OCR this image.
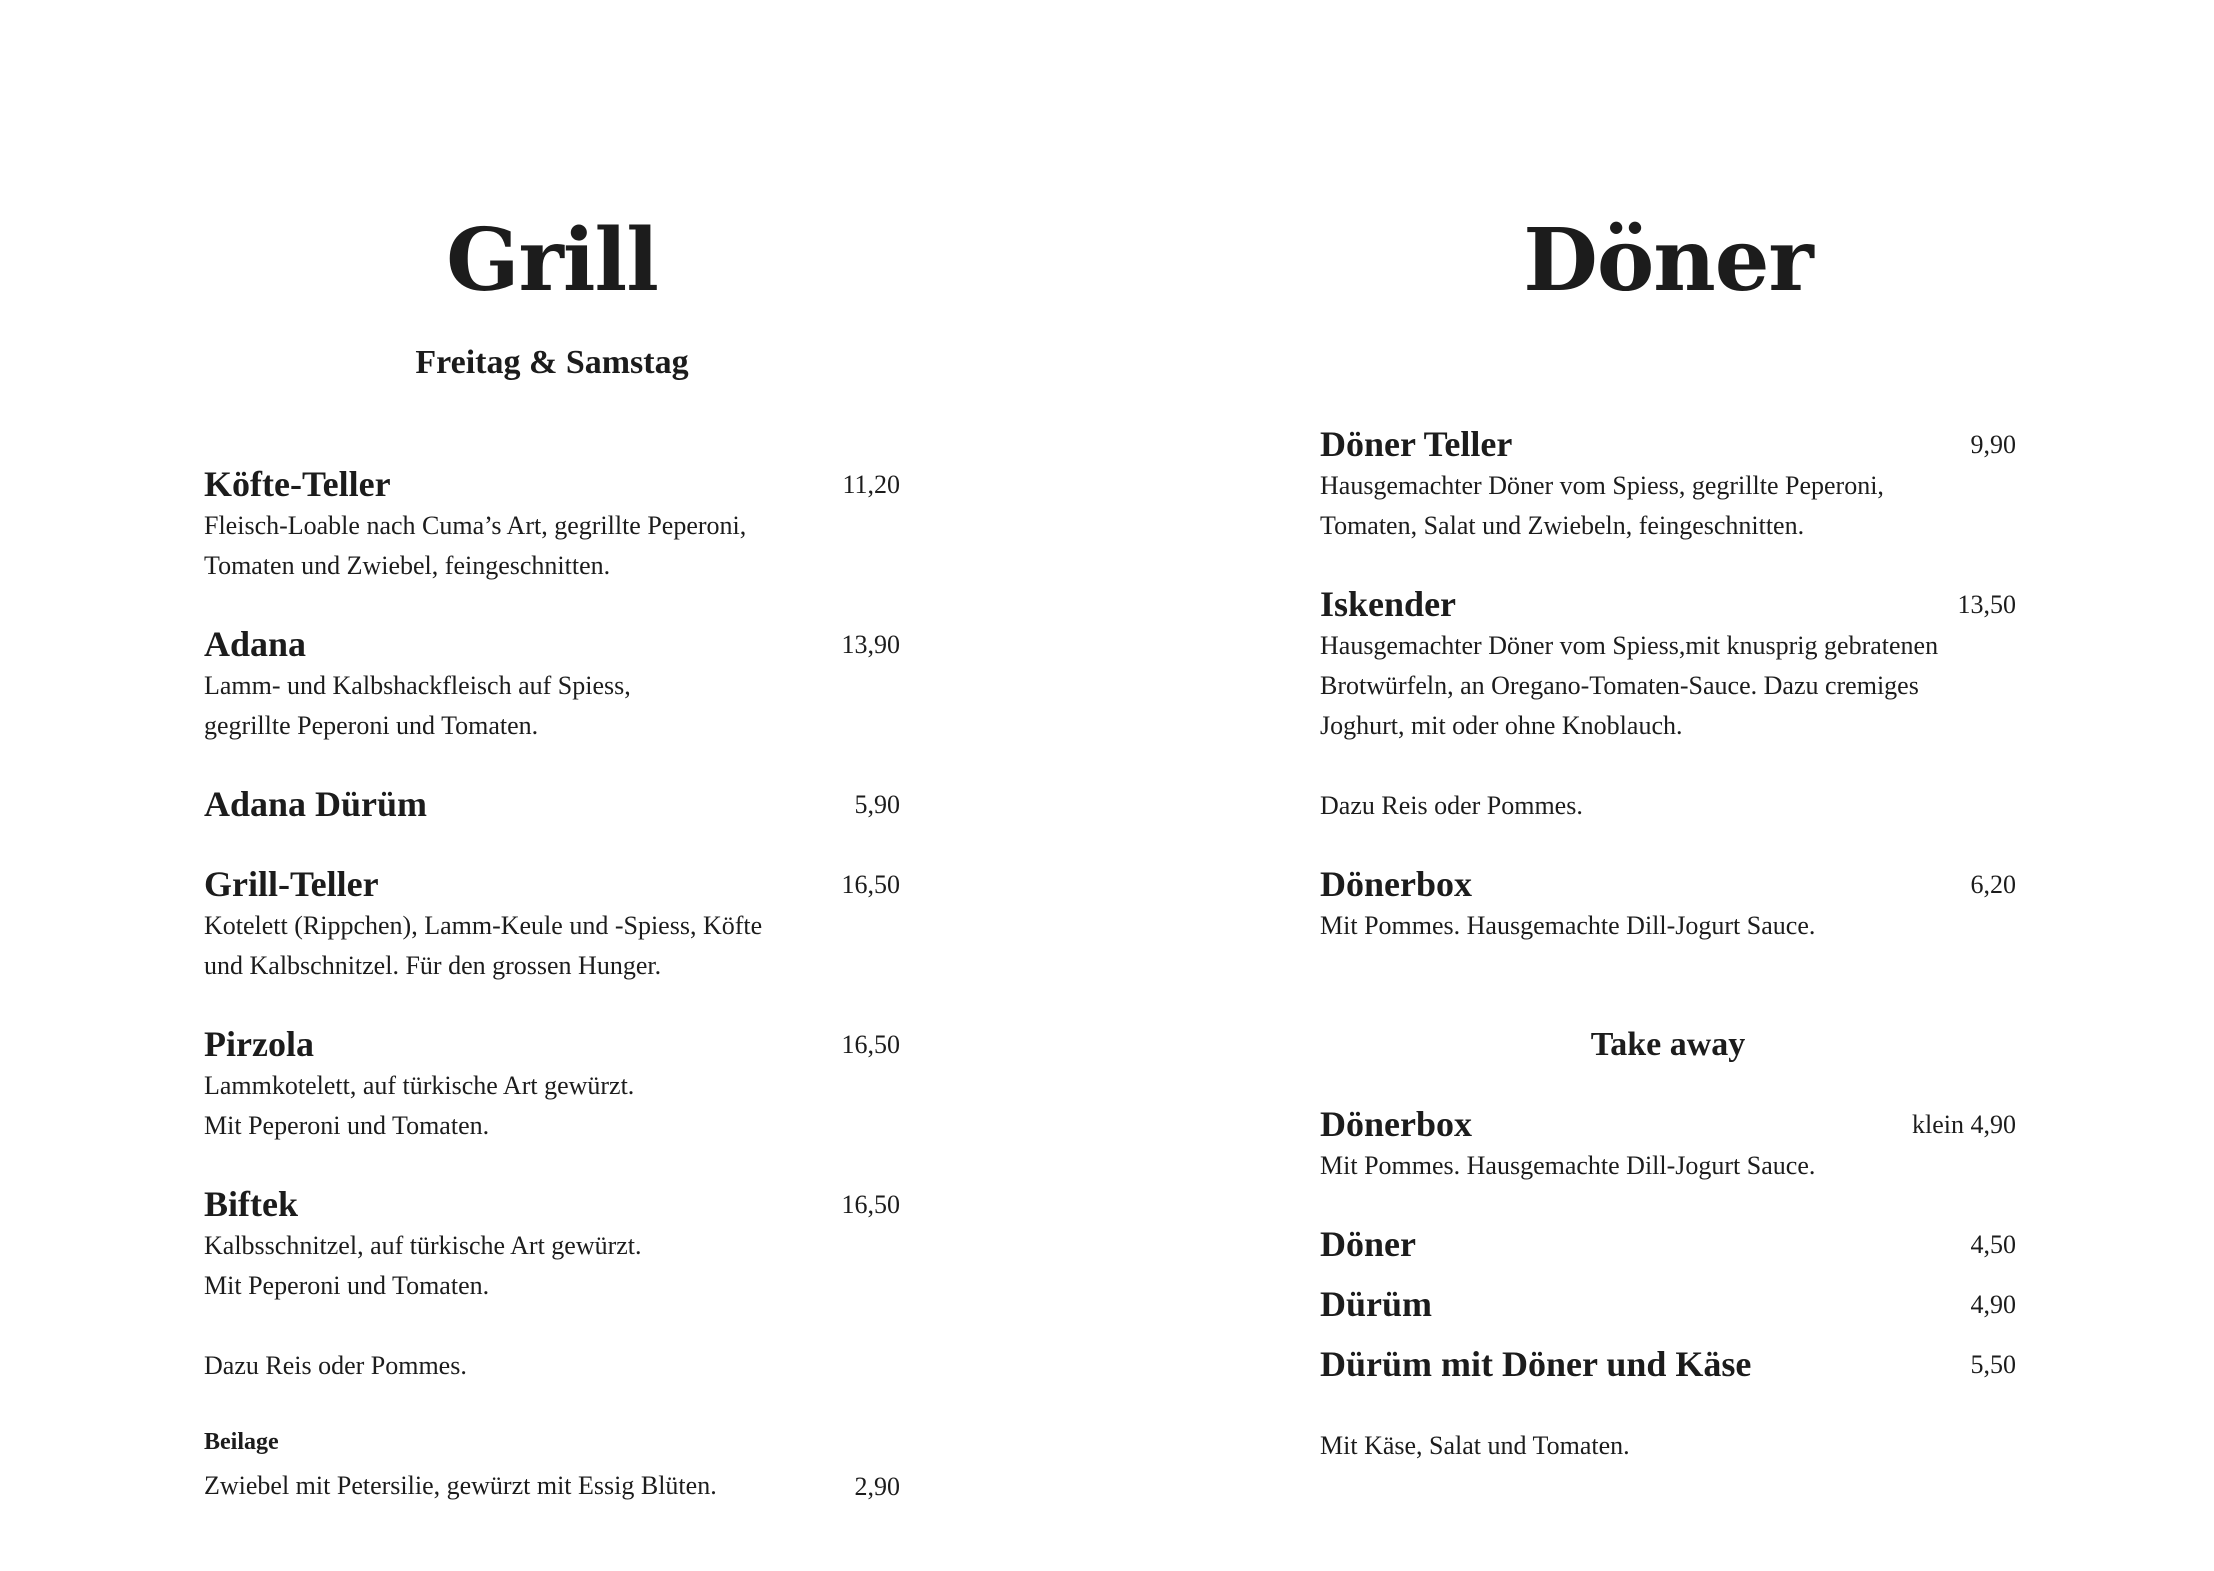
Grill
Freitag & Samstag
Köfte-Teller	11,20
Fleisch-Loable nach Cuma’s Art, gegrillte Peperoni,
Tomaten und Zwiebel, feingeschnitten.
Adana	13,90
Lamm- und Kalbshackfleisch auf Spiess,
gegrillte Peperoni und Tomaten.
Adana Dürüm	5,90
Grill-Teller	16,50
Kotelett (Rippchen), Lamm-Keule und -Spiess, Köfte
und Kalbschnitzel. Für den grossen Hunger.
Pirzola	16,50
Lammkotelett, auf türkische Art gewürzt.
Mit Peperoni und Tomaten.
Biftek	16,50
Kalbsschnitzel, auf türkische Art gewürzt.
Mit Peperoni und Tomaten.
Dazu Reis oder Pommes.
Beilage
Zwiebel mit Petersilie, gewürzt mit Essig Blüten.	2,90
Döner
Döner Teller	9,90
Hausgemachter Döner vom Spiess, gegrillte Peperoni,
Tomaten, Salat und Zwiebeln, feingeschnitten.
Iskender	13,50
Hausgemachter Döner vom Spiess,mit knusprig gebratenen
Brotwürfeln, an Oregano-Tomaten-Sauce. Dazu cremiges
Joghurt, mit oder ohne Knoblauch.
Dazu Reis oder Pommes.
Dönerbox	6,20
Mit Pommes. Hausgemachte Dill-Jogurt Sauce.
Take away
Dönerbox	klein 4,90
Mit Pommes. Hausgemachte Dill-Jogurt Sauce.
Döner	4,50
Dürüm	4,90
Dürüm mit Döner und Käse	5,50
Mit Käse, Salat und Tomaten.
